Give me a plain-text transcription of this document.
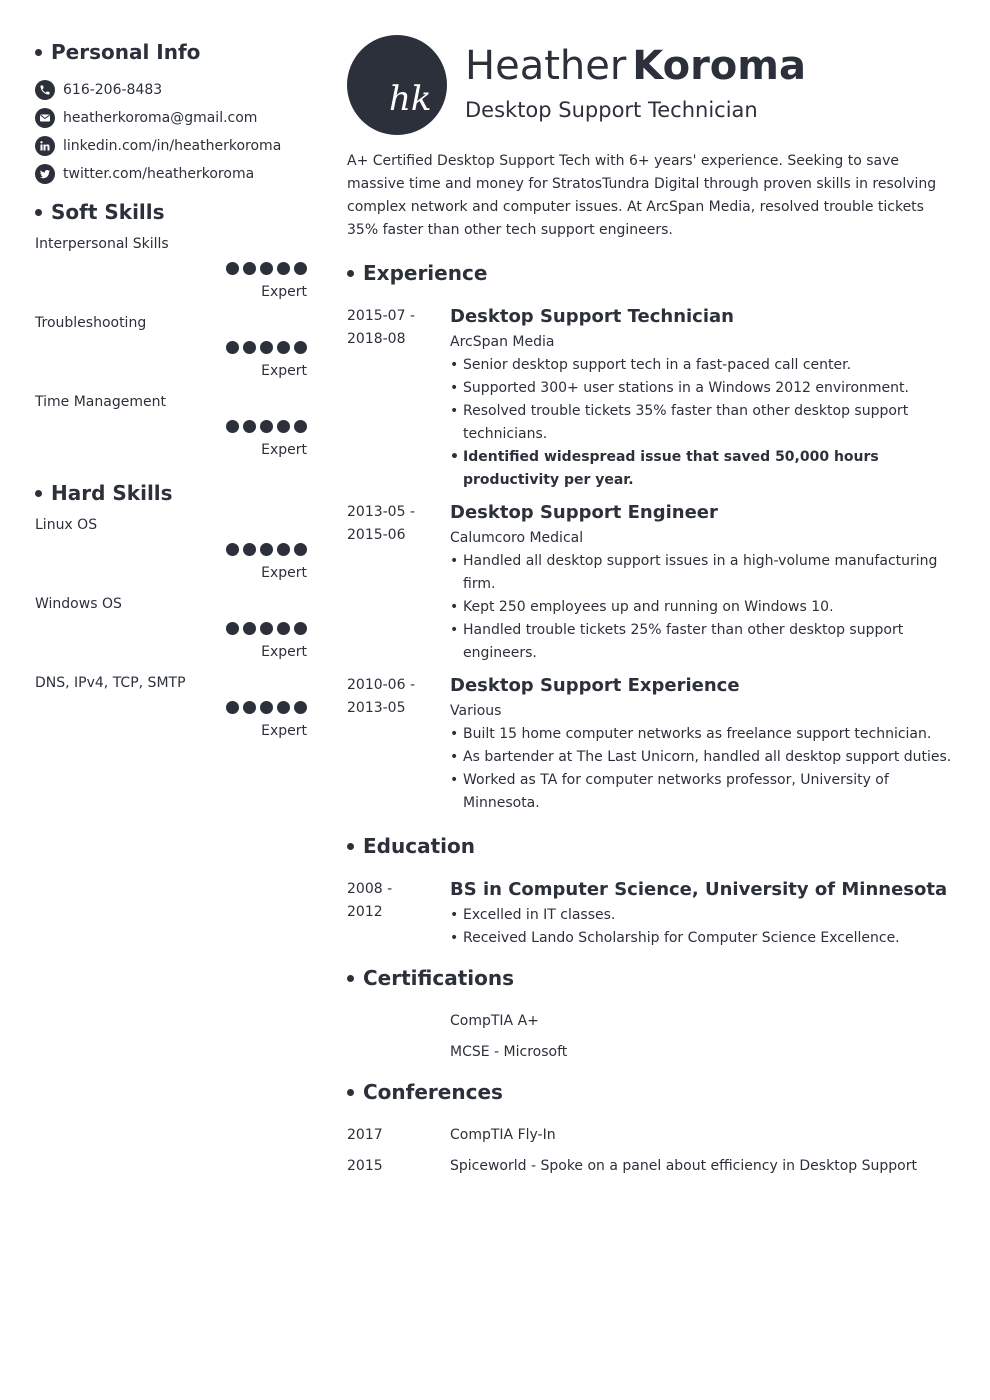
Personal Info
616-206-8483
heatherkoroma@gmail.com
linkedin.com/in/heatherkoroma
twitter.com/heatherkoroma
Soft Skills
Interpersonal Skills
Expert
Troubleshooting
Expert
Time Management
Expert
Hard Skills
Linux OS
Expert
Windows OS
Expert
DNS, IPv4, TCP, SMTP
Expert
hk
Heather Koroma
Desktop Support Technician
A+ Certified Desktop Support Tech with 6+ years' experience. Seeking to save massive time and money for StratosTundra Digital through proven skills in resolving complex network and computer issues. At ArcSpan Media, resolved trouble tickets 35% faster than other tech support engineers.
Experience
2015-07 -
2018-08
Desktop Support Technician
ArcSpan Media
• Senior desktop support tech in a fast-paced call center.
• Supported 300+ user stations in a Windows 2012 environment.
• Resolved trouble tickets 35% faster than other desktop support technicians.
• Identified widespread issue that saved 50,000 hours productivity per year.
2013-05 -
2015-06
Desktop Support Engineer
Calumcoro Medical
• Handled all desktop support issues in a high-volume manufacturing firm.
• Kept 250 employees up and running on Windows 10.
• Handled trouble tickets 25% faster than other desktop support engineers.
2010-06 -
2013-05
Desktop Support Experience
Various
• Built 15 home computer networks as freelance support technician.
• As bartender at The Last Unicorn, handled all desktop support duties.
• Worked as TA for computer networks professor, University of Minnesota.
Education
2008 -
2012
BS in Computer Science, University of Minnesota
• Excelled in IT classes.
• Received Lando Scholarship for Computer Science Excellence.
Certifications
CompTIA A+
MCSE - Microsoft
Conferences
2017	CompTIA Fly-In
2015	Spiceworld - Spoke on a panel about efficiency in Desktop Support
